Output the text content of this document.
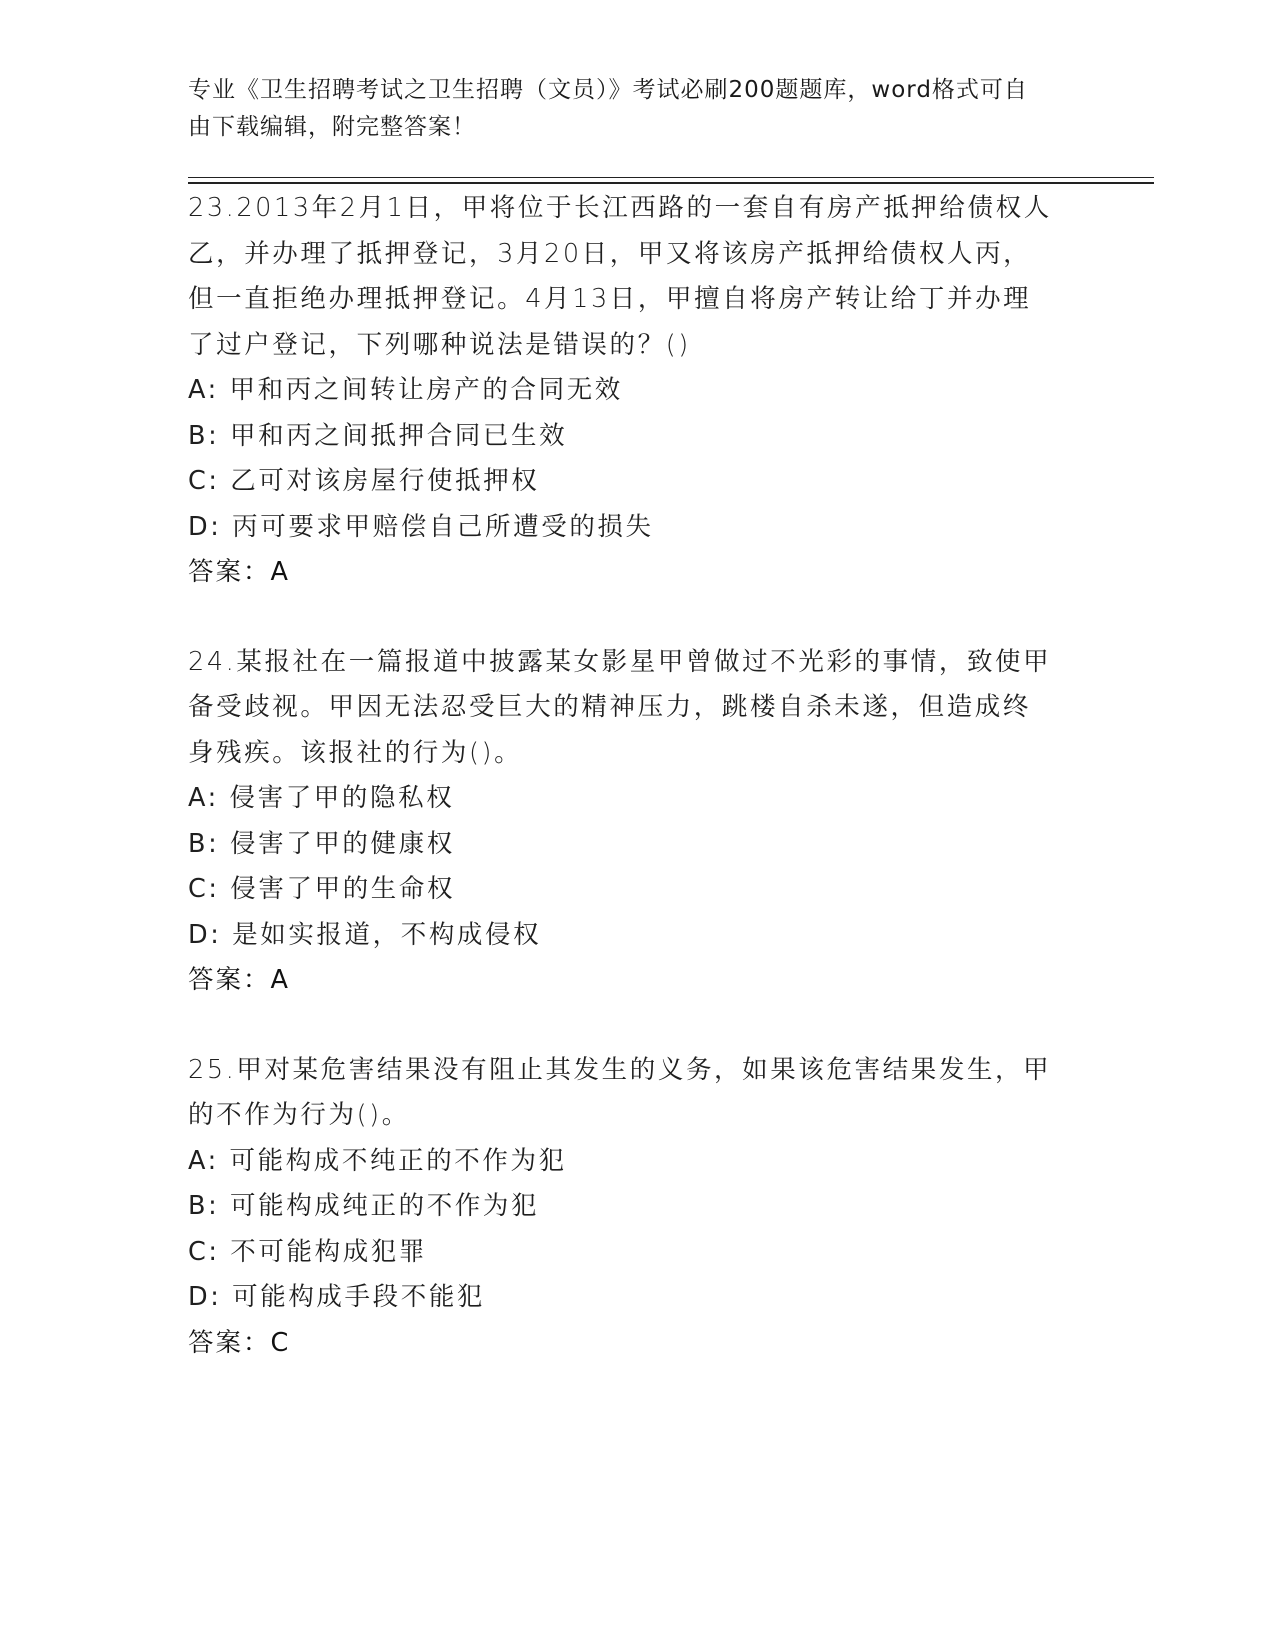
专业《卫生招聘考试之卫生招聘（文员）》考试必刷200题题库，word格式可自
由下载编辑，附完整答案！

23.2013年2月1日，甲将位于长江西路的一套自有房产抵押给债权人

乙，并办理了抵押登记，3月20日，甲又将该房产抵押给债权人丙，

但一直拒绝办理抵押登记。4月13日，甲擅自将房产转让给丁并办理

了过户登记，下列哪种说法是错误的？()

A: 甲和丙之间转让房产的合同无效

B: 甲和丙之间抵押合同已生效

C: 乙可对该房屋行使抵押权

D: 丙可要求甲赔偿自己所遭受的损失

答案：A

24.某报社在一篇报道中披露某女影星甲曾做过不光彩的事情，致使甲

备受歧视。甲因无法忍受巨大的精神压力，跳楼自杀未遂，但造成终

身残疾。该报社的行为()。

A: 侵害了甲的隐私权

B: 侵害了甲的健康权

C: 侵害了甲的生命权

D: 是如实报道，不构成侵权

答案：A

25.甲对某危害结果没有阻止其发生的义务，如果该危害结果发生，甲

的不作为行为()。

A: 可能构成不纯正的不作为犯

B: 可能构成纯正的不作为犯

C: 不可能构成犯罪

D: 可能构成手段不能犯

答案：C
